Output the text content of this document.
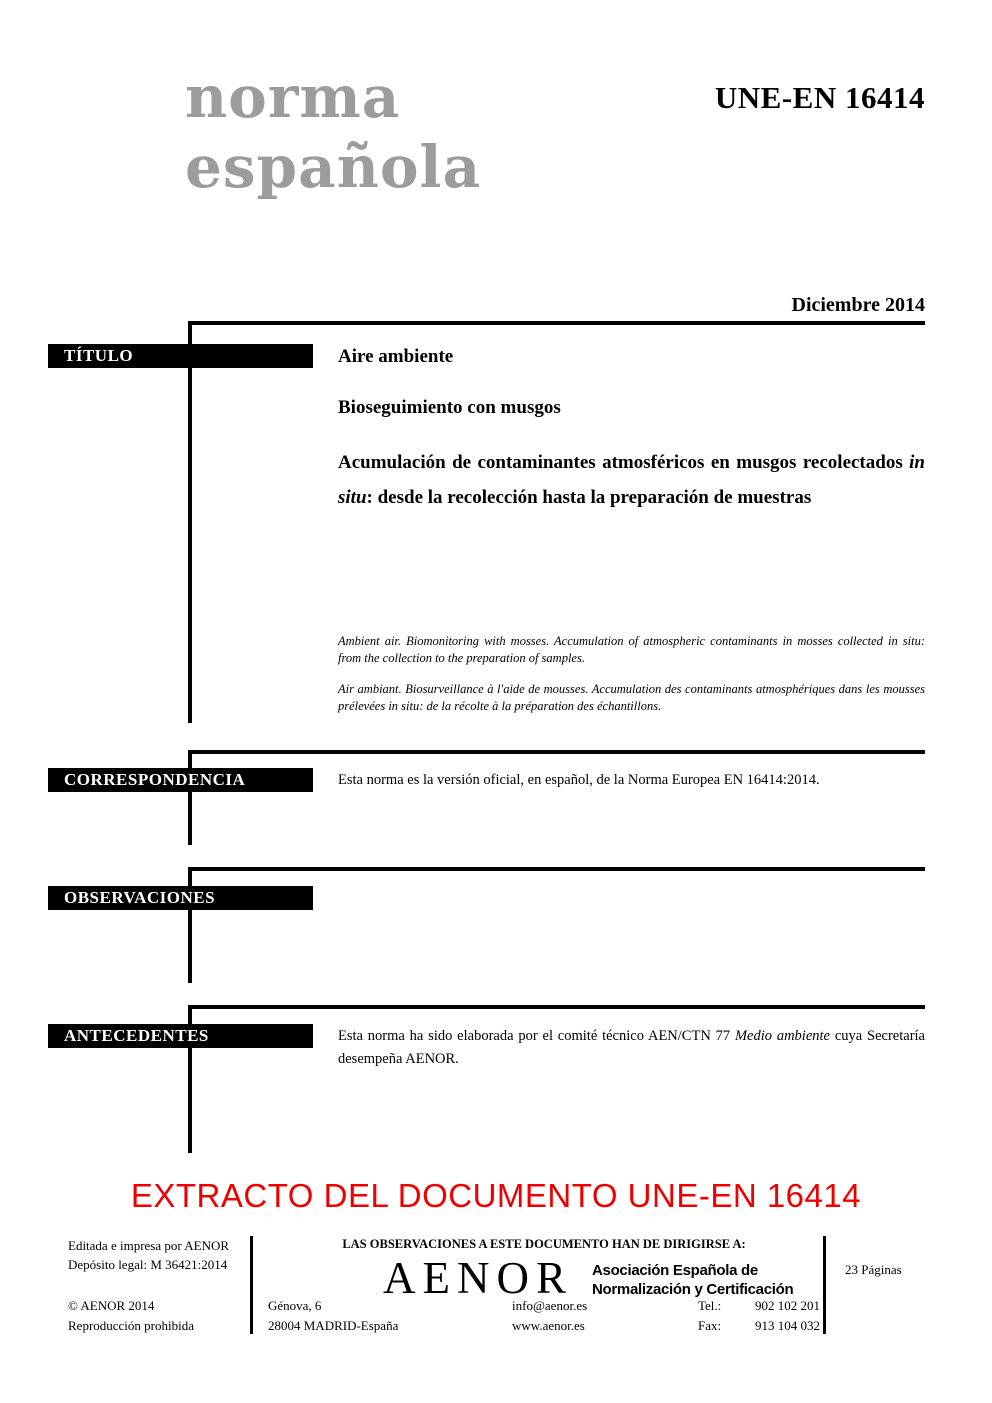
norma
española
UNE-EN 16414
Diciembre 2014
TÍTULO
CORRESPONDENCIA
OBSERVACIONES
ANTECEDENTES
Aire ambiente
Bioseguimiento con musgos
Acumulación de contaminantes atmosféricos en musgos recolectados in situ: desde la recolección hasta la preparación de muestras
Ambient air. Biomonitoring with mosses. Accumulation of atmospheric contaminants in mosses collected in situ: from the collection to the preparation of samples.
Air ambiant. Biosurveillance à l'aide de mousses. Accumulation des contaminants atmosphériques dans les mousses prélevées in situ: de la récolte à la préparation des échantillons.
Esta norma es la versión oficial, en español, de la Norma Europea EN 16414:2014.
Esta norma ha sido elaborada por el comité técnico AEN/CTN 77 Medio ambiente cuya Secretaría desempeña AENOR.
EXTRACTO DEL DOCUMENTO UNE-EN 16414
Editada e impresa por AENOR
Depósito legal: M 36421:2014
© AENOR 2014
Reproducción prohibida
LAS OBSERVACIONES A ESTE DOCUMENTO HAN DE DIRIGIRSE A:
AENOR Asociación Española de
Normalización y Certificación
Génova, 6
28004 MADRID-España
info@aenor.es
www.aenor.es
Tel.:	902 102 201
Fax:	913 104 032
23 Páginas
